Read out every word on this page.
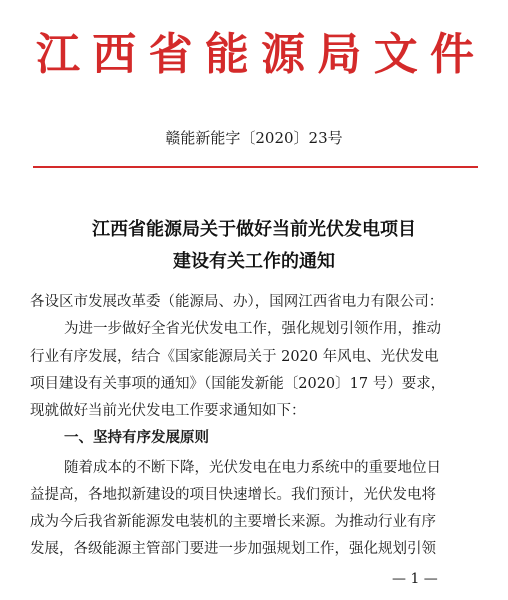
江西省能源局文件
赣能新能字〔2020〕23号
江西省能源局关于做好当前光伏发电项目
建设有关工作的通知
各设区市发展改革委（能源局、办），国网江西省电力有限公司：
为进一步做好全省光伏发电工作，强化规划引领作用，推动
行业有序发展，结合《国家能源局关于 2020 年风电、光伏发电
项目建设有关事项的通知》（国能发新能〔2020〕17 号）要求，
现就做好当前光伏发电工作要求通知如下：
一、坚持有序发展原则
随着成本的不断下降，光伏发电在电力系统中的重要地位日
益提高，各地拟新建设的项目快速增长。我们预计，光伏发电将
成为今后我省新能源发电装机的主要增长来源。为推动行业有序
发展，各级能源主管部门要进一步加强规划工作，强化规划引领
— 1 —
